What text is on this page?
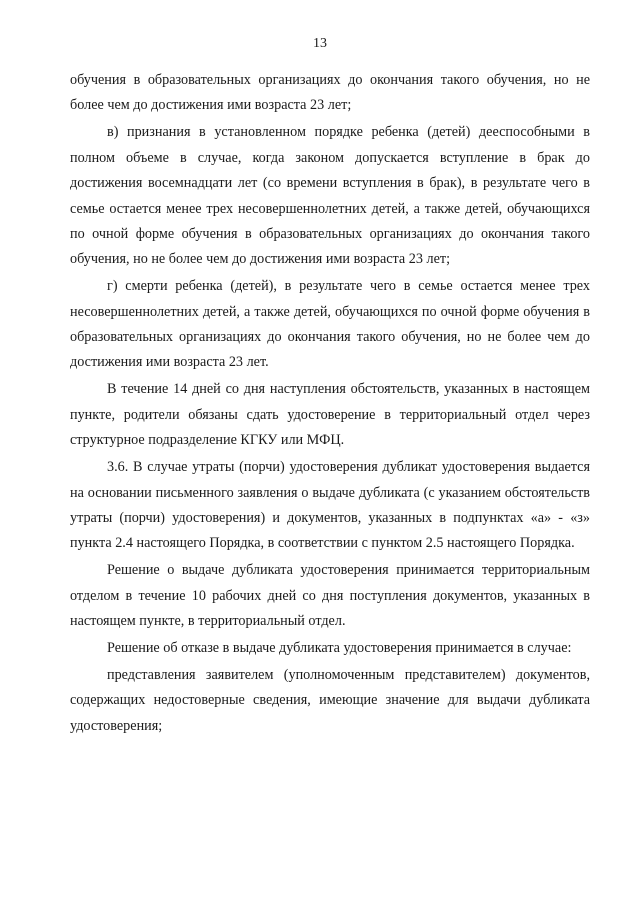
13

обучения в образовательных организациях до окончания такого обучения, но не более чем до достижения ими возраста 23 лет;

в) признания в установленном порядке ребенка (детей) дееспособными в полном объеме в случае, когда законом допускается вступление в брак до достижения восемнадцати лет (со времени вступления в брак), в результате чего в семье остается менее трех несовершеннолетних детей, а также детей, обучающихся по очной форме обучения в образовательных организациях до окончания такого обучения, но не более чем до достижения ими возраста 23 лет;

г) смерти ребенка (детей), в результате чего в семье остается менее трех несовершеннолетних детей, а также детей, обучающихся по очной форме обучения в образовательных организациях до окончания такого обучения, но не более чем до достижения ими возраста 23 лет.

В течение 14 дней со дня наступления обстоятельств, указанных в настоящем пункте, родители обязаны сдать удостоверение в территориальный отдел через структурное подразделение КГКУ или МФЦ.

3.6. В случае утраты (порчи) удостоверения дубликат удостоверения выдается на основании письменного заявления о выдаче дубликата (с указанием обстоятельств утраты (порчи) удостоверения) и документов, указанных в подпунктах «а» - «з» пункта 2.4 настоящего Порядка, в соответствии с пунктом 2.5 настоящего Порядка.

Решение о выдаче дубликата удостоверения принимается территориальным отделом в течение 10 рабочих дней со дня поступления документов, указанных в настоящем пункте, в территориальный отдел.

Решение об отказе в выдаче дубликата удостоверения принимается в случае:

представления заявителем (уполномоченным представителем) документов, содержащих недостоверные сведения, имеющие значение для выдачи дубликата удостоверения;
